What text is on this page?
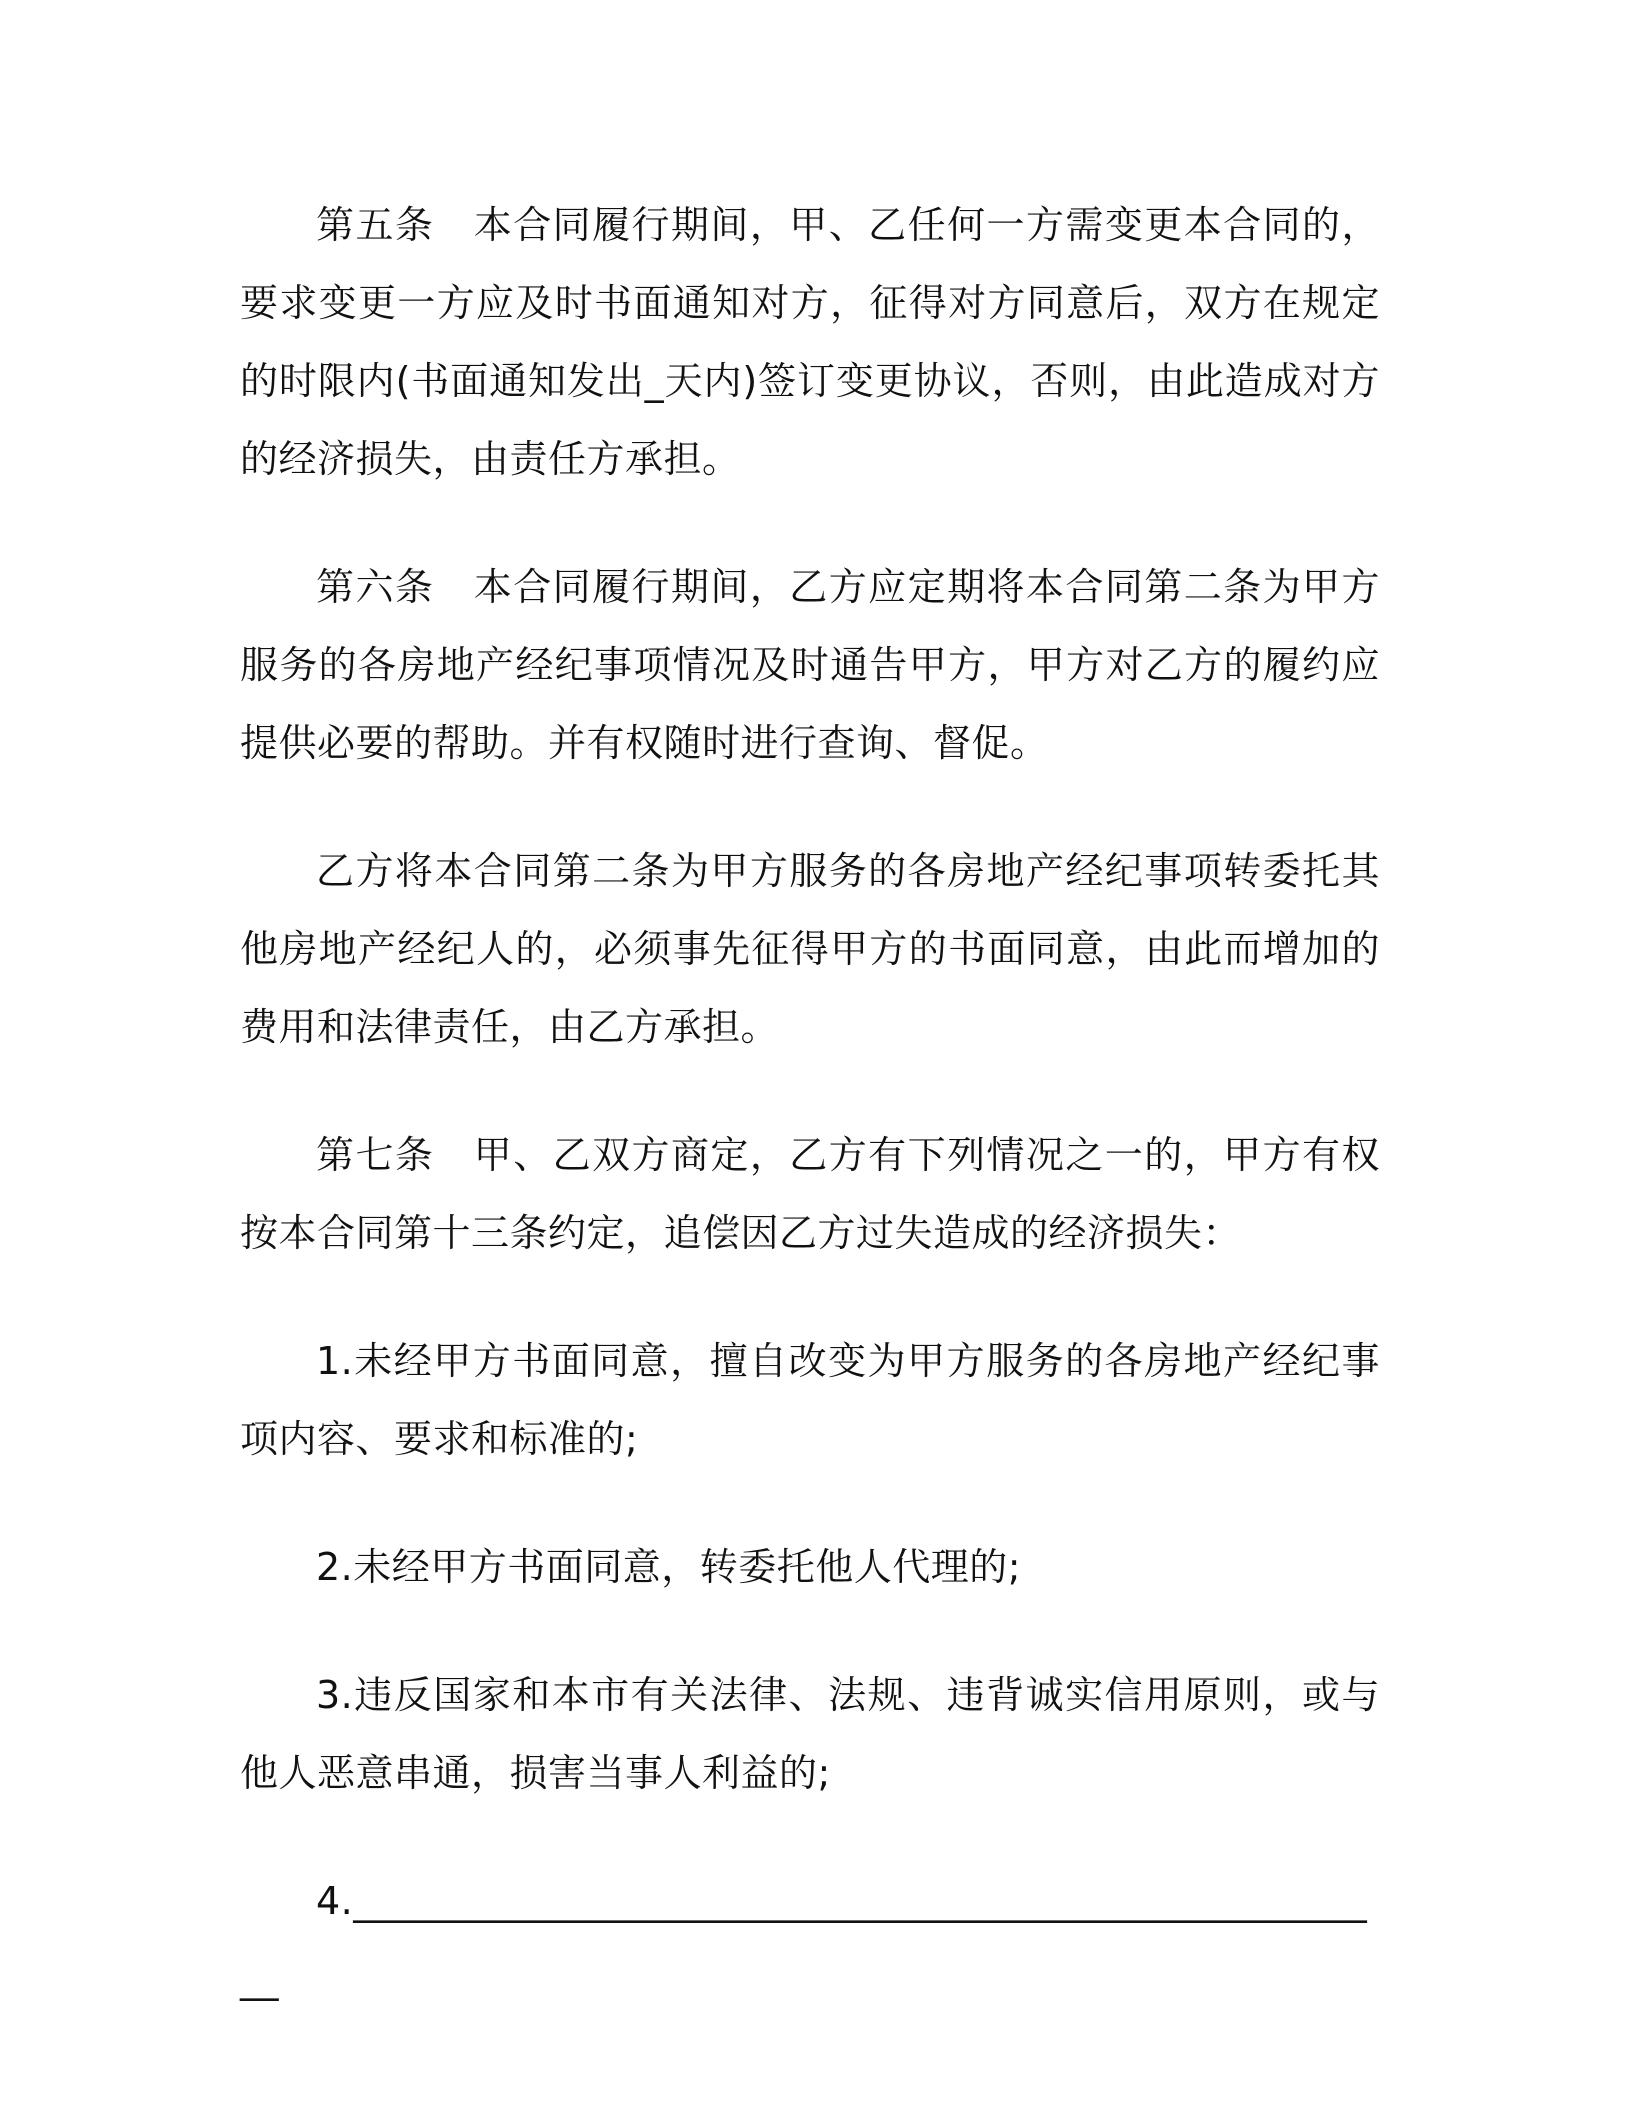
第五条　本合同履行期间，甲、乙任何一方需变更本合同的，要求变更一方应及时书面通知对方，征得对方同意后，双方在规定的时限内(书面通知发出_天内)签订变更协议，否则，由此造成对方的经济损失，由责任方承担。

第六条　本合同履行期间，乙方应定期将本合同第二条为甲方服务的各房地产经纪事项情况及时通告甲方，甲方对乙方的履约应提供必要的帮助。并有权随时进行查询、督促。

乙方将本合同第二条为甲方服务的各房地产经纪事项转委托其他房地产经纪人的，必须事先征得甲方的书面同意，由此而增加的费用和法律责任，由乙方承担。

第七条　甲、乙双方商定，乙方有下列情况之一的，甲方有权按本合同第十三条约定，追偿因乙方过失造成的经济损失：

1.未经甲方书面同意，擅自改变为甲方服务的各房地产经纪事项内容、要求和标准的;

2.未经甲方书面同意，转委托他人代理的;

3.违反国家和本市有关法律、法规、违背诚实信用原则，或与他人恶意串通，损害当事人利益的;

4.______________________________________________________
